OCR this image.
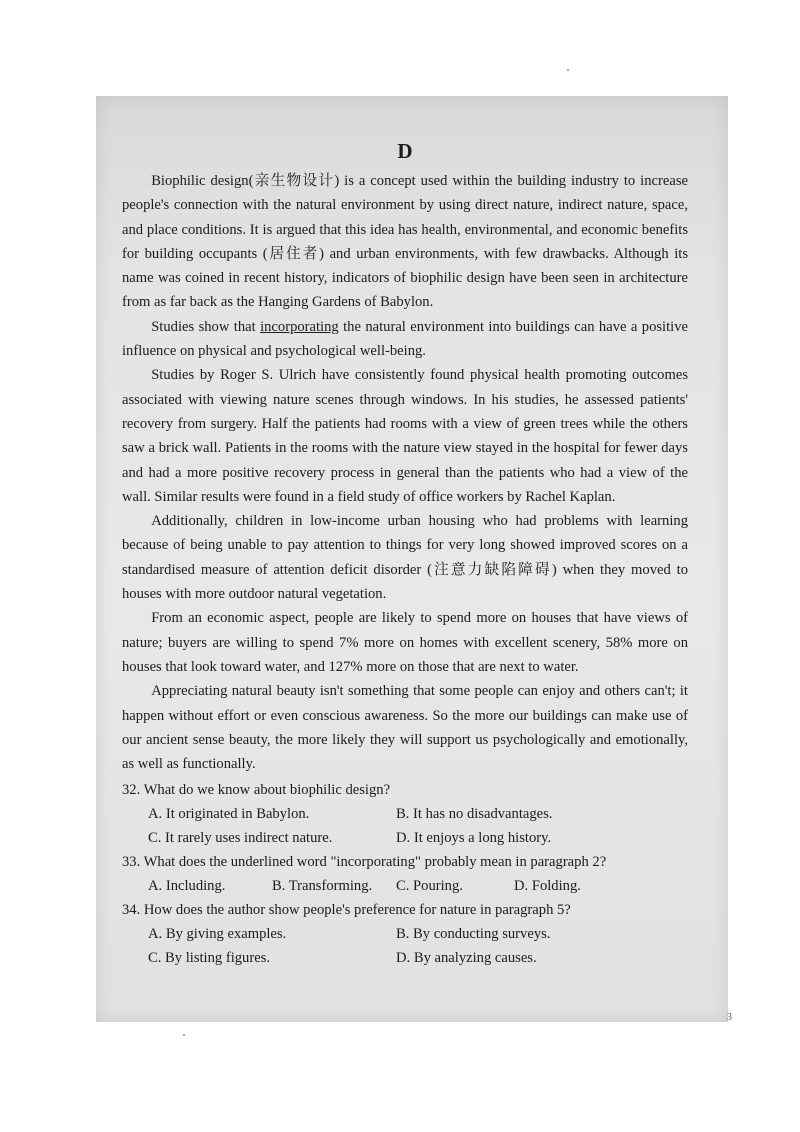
D

Biophilic design(亲生物设计) is a concept used within the building industry to increase people's connection with the natural environment by using direct nature, indirect nature, space, and place conditions. It is argued that this idea has health, environmental, and economic benefits for building occupants (居住者) and urban environments, with few drawbacks. Although its name was coined in recent history, indicators of biophilic design have been seen in architecture from as far back as the Hanging Gardens of Babylon.

Studies show that incorporating the natural environment into buildings can have a positive influence on physical and psychological well-being.

Studies by Roger S. Ulrich have consistently found physical health promoting outcomes associated with viewing nature scenes through windows. In his studies, he assessed patients' recovery from surgery. Half the patients had rooms with a view of green trees while the others saw a brick wall. Patients in the rooms with the nature view stayed in the hospital for fewer days and had a more positive recovery process in general than the patients who had a view of the wall. Similar results were found in a field study of office workers by Rachel Kaplan.

Additionally, children in low-income urban housing who had problems with learning because of being unable to pay attention to things for very long showed improved scores on a standardised measure of attention deficit disorder (注意力缺陷障碍) when they moved to houses with more outdoor natural vegetation.

From an economic aspect, people are likely to spend more on houses that have views of nature; buyers are willing to spend 7% more on homes with excellent scenery, 58% more on houses that look toward water, and 127% more on those that are next to water.

Appreciating natural beauty isn't something that some people can enjoy and others can't; it happen without effort or even conscious awareness. So the more our buildings can make use of our ancient sense beauty, the more likely they will support us psychologically and emotionally, as well as functionally.

32. What do we know about biophilic design?

A. It originated in Babylon.	B. It has no disadvantages.
C. It rarely uses indirect nature.	D. It enjoys a long history.

33. What does the underlined word "incorporating" probably mean in paragraph 2?

A. Including.	B. Transforming.	C. Pouring.	D. Folding.

34. How does the author show people's preference for nature in paragraph 5?

A. By giving examples.	B. By conducting surveys.
C. By listing figures.	D. By analyzing causes.
3
